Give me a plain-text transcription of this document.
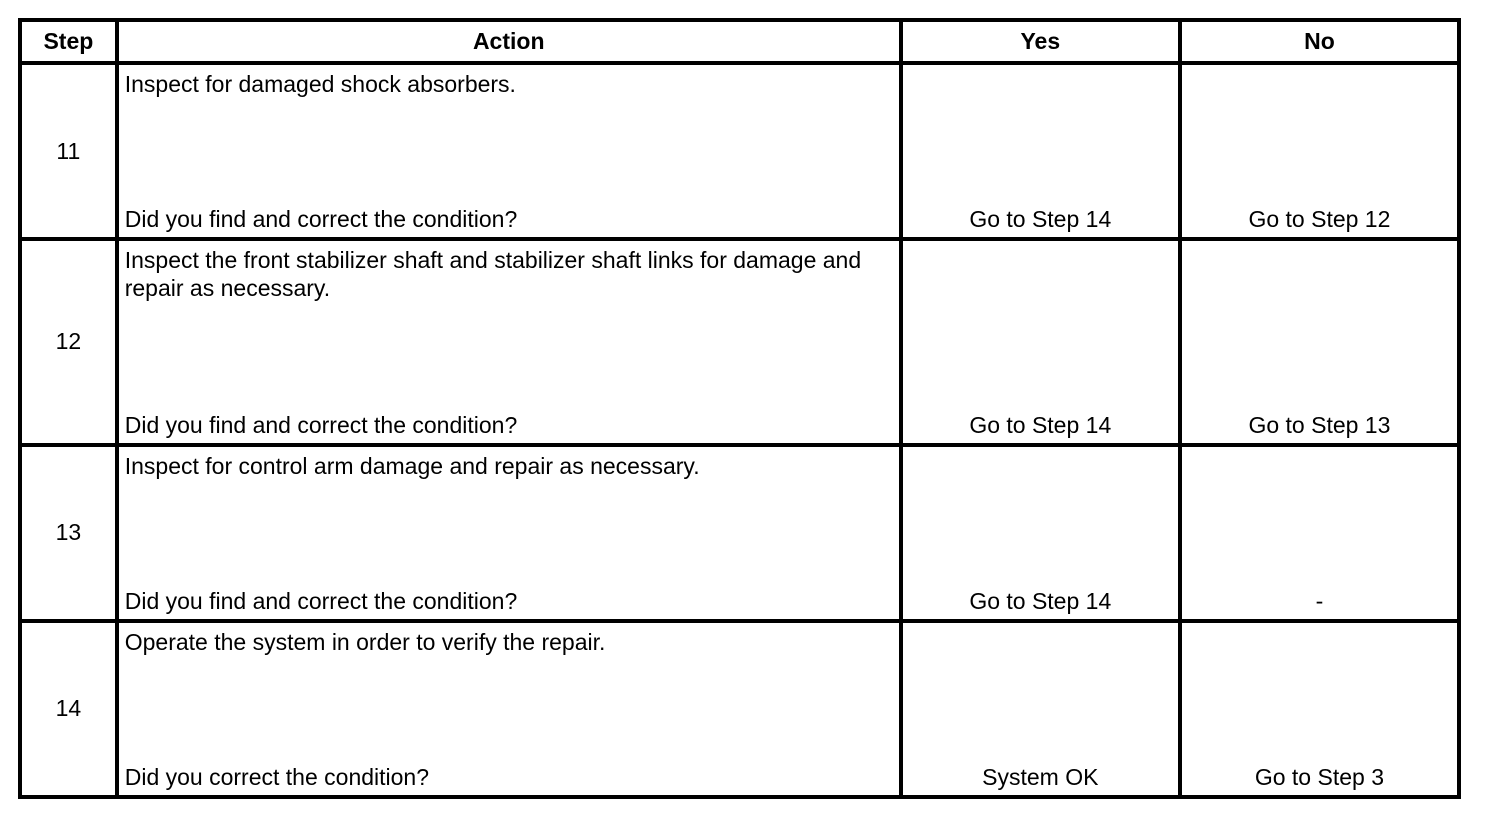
Step	Action	Yes	No
11	Inspect for damaged shock absorbers.
Did you find and correct the condition?	Go to Step 14	Go to Step 12

12	Inspect the front stabilizer shaft and stabilizer shaft links for damage and repair as necessary.
Did you find and correct the condition?	Go to Step 14	Go to Step 13

13	Inspect for control arm damage and repair as necessary.
Did you find and correct the condition?	Go to Step 14	-

14	Operate the system in order to verify the repair.
Did you correct the condition?	System OK	Go to Step 3
